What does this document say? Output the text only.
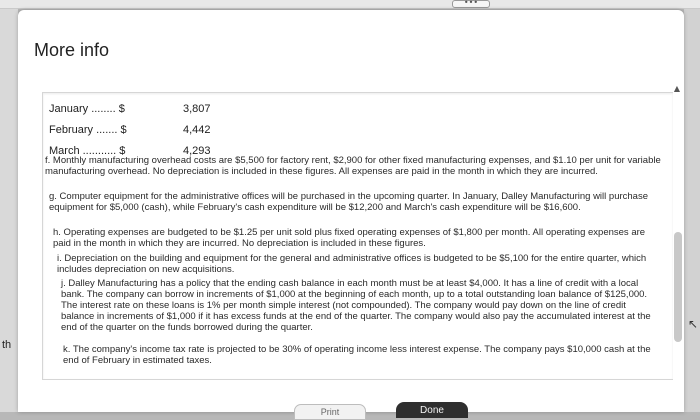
•••
th
↖
More info
▲
January ........ $	3,807
February ....... $	4,442
March ........... $	4,293
f. Monthly manufacturing overhead costs are $5,500 for factory rent, $2,900 for other fixed manufacturing expenses, and $1.10 per unit for variable manufacturing overhead. No depreciation is included in these figures. All expenses are paid in the month in which they are incurred.
g. Computer equipment for the administrative offices will be purchased in the upcoming quarter. In January, Dalley Manufacturing will purchase equipment for $5,000 (cash), while February's cash expenditure will be $12,200 and March's cash expenditure will be $16,600.
h. Operating expenses are budgeted to be $1.25 per unit sold plus fixed operating expenses of $1,800 per month. All operating expenses are paid in the month in which they are incurred. No depreciation is included in these figures.
i. Depreciation on the building and equipment for the general and administrative offices is budgeted to be $5,100 for the entire quarter, which includes depreciation on new acquisitions.
j. Dalley Manufacturing has a policy that the ending cash balance in each month must be at least $4,000. It has a line of credit with a local bank. The company can borrow in increments of $1,000 at the beginning of each month, up to a total outstanding loan balance of $125,000. The interest rate on these loans is 1% per month simple interest (not compounded). The company would pay down on the line of credit balance in increments of $1,000 if it has excess funds at the end of the quarter. The company would also pay the accumulated interest at the end of the quarter on the funds borrowed during the quarter.
k. The company's income tax rate is projected to be 30% of operating income less interest expense. The company pays $10,000 cash at the end of February in estimated taxes.
Print	Done
